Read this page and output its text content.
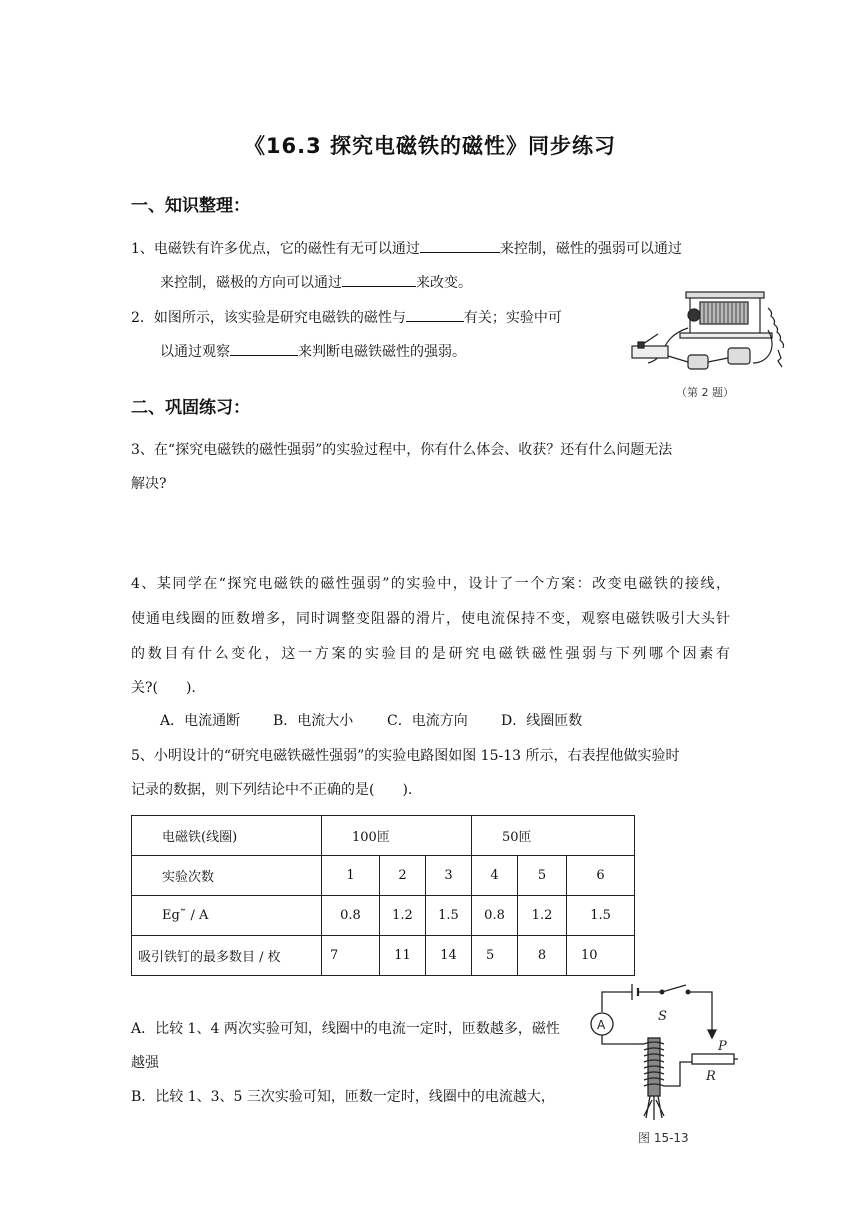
《16.3 探究电磁铁的磁性》同步练习
一、知识整理：
1、电磁铁有许多优点，它的磁性有无可以通过	来控制，磁性的强弱可以通过
来控制，磁极的方向可以通过	来改变。
2．如图所示，该实验是研究电磁铁的磁性与	有关；实验中可
以通过观察	来判断电磁铁磁性的强弱。
（第 2 题）
二、巩固练习：
3、在“探究电磁铁的磁性强弱”的实验过程中，你有什么体会、收获？还有什么问题无法
解决?
4、某同学在“探究电磁铁的磁性强弱”的实验中，设计了一个方案：改变电磁铁的接线，
使通电线圈的匝数增多，同时调整变阻器的滑片，使电流保持不变，观察电磁铁吸引大头针
的数目有什么变化，这一方案的实验目的是研究电磁铁磁性强弱与下列哪个因素有
关?(　　).
A．电流通断 B．电流大小 C．电流方向 D．线圈匝数
5、小明设计的“研究电磁铁磁性强弱”的实验电路图如图 15-13 所示，右表捏他做实验时
记录的数据，则下列结论中不正确的是(　　).
电磁铁(线圈)	100匝			50匝		
实验次数	1	2	3	4	5	6
Eg˜ / A	0.8	1.2	1.5	0.8	1.2	1.5
吸引铁钉的最多数目 / 枚	7	11	14	5	8	10
A．比较 1、4 两次实验可知，线圈中的电流一定时，匝数越多，磁性
越强
B．比较 1、3、5 三次实验可知，匝数一定时，线圈中的电流越大，
S
A
P
R
图 15-13
